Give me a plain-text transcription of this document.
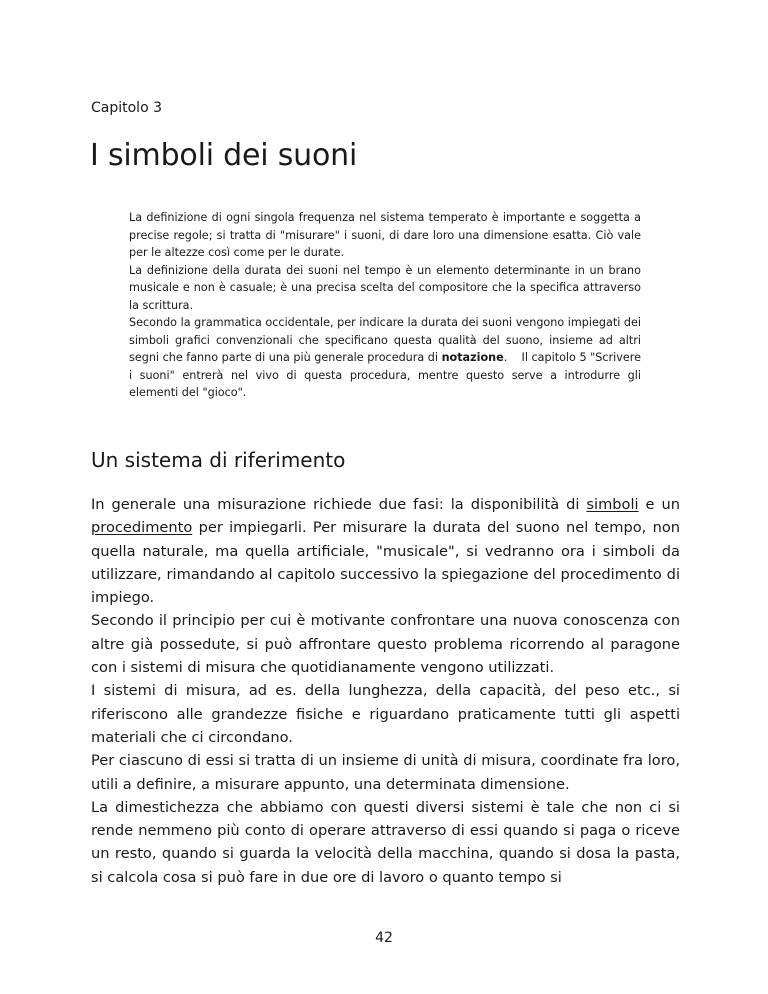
Capitolo 3
I simboli dei suoni

La definizione di ogni singola frequenza nel sistema temperato è importante e soggetta a precise regole; si tratta di "misurare" i suoni, di dare loro una dimensione esatta. Ciò vale per le altezze così come per le durate.

La definizione della durata dei suoni nel tempo è un elemento determinante in un brano musicale e non è casuale; è una precisa scelta del compositore che la specifica attraverso la scrittura.

Secondo la grammatica occidentale, per indicare la durata dei suoni vengono impiegati dei simboli grafici convenzionali che specificano questa qualità del suono, insieme ad altri segni che fanno parte di una più generale procedura di notazione.    Il capitolo 5 "Scrivere i suoni" entrerà nel vivo di questa procedura, mentre questo serve a introdurre gli elementi del "gioco".

Un sistema di riferimento

In generale una misurazione richiede due fasi: la disponibilità di simboli e un procedimento per impiegarli. Per misurare la durata del suono nel tempo, non quella naturale, ma quella artificiale, "musicale", si vedranno ora i simboli da utilizzare, rimandando al capitolo successivo la spiegazione del procedimento di impiego.

Secondo il principio per cui è motivante confrontare una nuova conoscenza con altre già possedute, si può affrontare questo problema ricorrendo al paragone con i sistemi di misura che quotidianamente vengono utilizzati.

I sistemi di misura, ad es. della lunghezza, della capacità, del peso etc., si riferiscono alle grandezze fisiche e riguardano praticamente tutti gli aspetti materiali che ci circondano.

Per ciascuno di essi si tratta di un insieme di unità di misura, coordinate fra loro, utili a definire, a misurare appunto, una determinata dimensione.

La dimestichezza che abbiamo con questi diversi sistemi è tale che non ci si rende nemmeno più conto di operare attraverso di essi quando si paga o riceve un resto, quando si guarda la velocità della macchina, quando si dosa la pasta, si calcola cosa si può fare in due ore di lavoro o quanto tempo si

42
